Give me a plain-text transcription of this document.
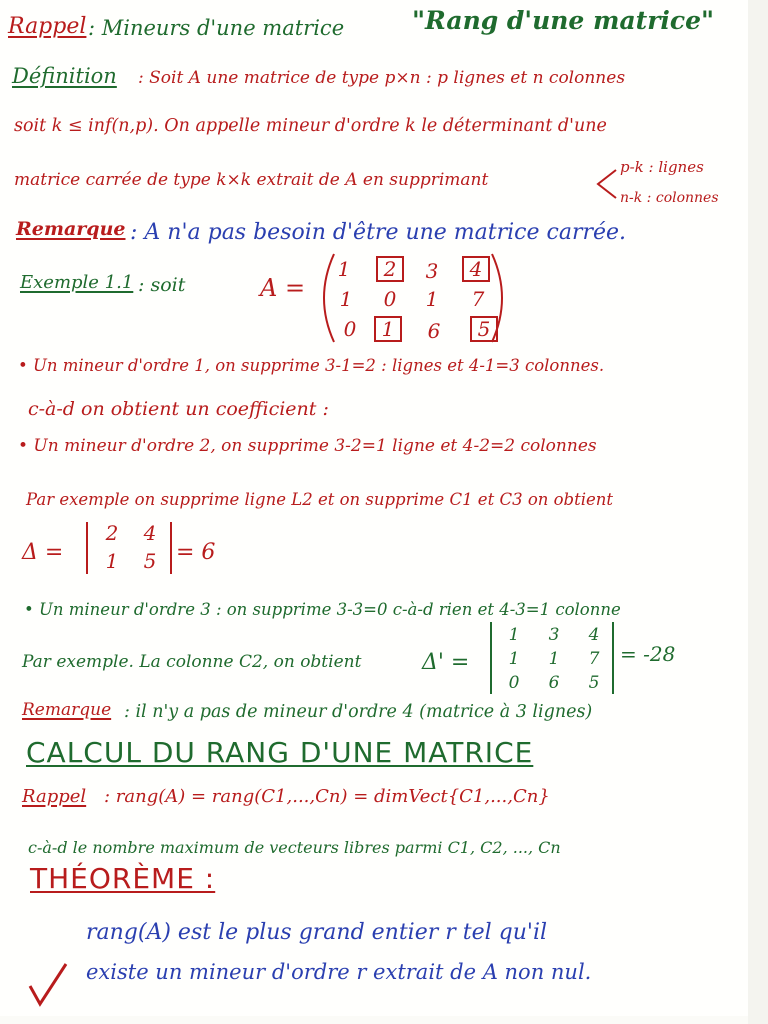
Rappel : Mineurs d'une matrice	"Rang d'une matrice"
Définition : Soit A une matrice de type p×n : p lignes et n colonnes
soit k ≤ inf(n,p). On appelle mineur d'ordre k le déterminant d'une
matrice carrée de type k×k extrait de A en supprimant
p-k : lignes
n-k : colonnes
Remarque : A n'a pas besoin d'être une matrice carrée.
Exemple 1.1 : soit	A =
1	2	3	4
1	0	1	7
0	1	6	5
• Un mineur d'ordre 1, on supprime 3-1=2 : lignes et 4-1=3 colonnes.
c-à-d on obtient un coefficient :
• Un mineur d'ordre 2, on supprime 3-2=1 ligne et 4-2=2 colonnes
Par exemple on supprime ligne L2 et on supprime C1 et C3 on obtient
Δ =
2	4
1	5 = 6
• Un mineur d'ordre 3 : on supprime 3-3=0 c-à-d rien et 4-3=1 colonne
Par exemple. La colonne C2, on obtient	Δ' =
1	3	4
1	1	7
0	6	5
= -28
Remarque : il n'y a pas de mineur d'ordre 4 (matrice à 3 lignes)
CALCUL DU RANG D'UNE MATRICE
Rappel : rang(A) = rang(C1,...,Cn) = dimVect{C1,...,Cn}
c-à-d le nombre maximum de vecteurs libres parmi C1, C2, ..., Cn
THÉORÈME :
rang(A) est le plus grand entier r tel qu'il
existe un mineur d'ordre r extrait de A non nul.
